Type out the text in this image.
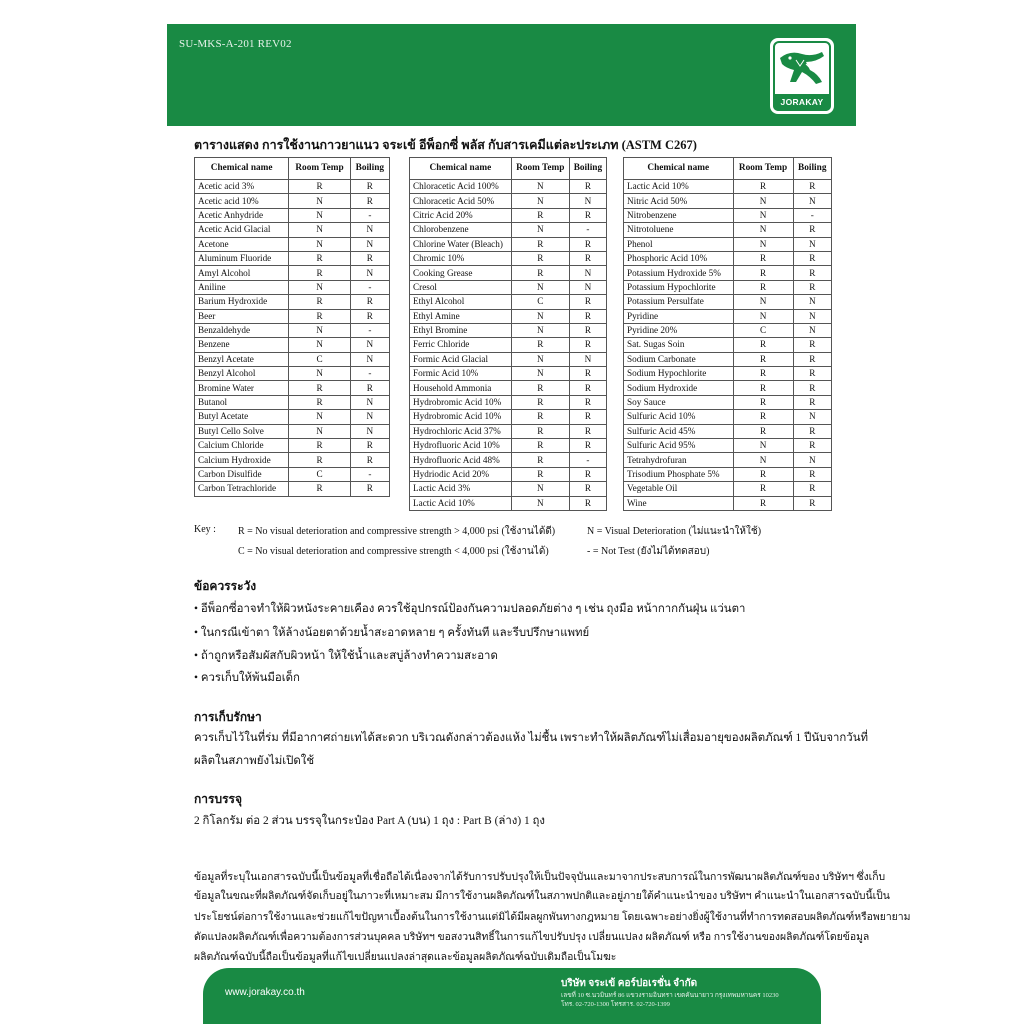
SU-MKS-A-201 REV02
JORAKAY
ตารางแสดง การใช้งานกาวยาแนว จระเข้ อีพ็อกซี่ พลัส กับสารเคมีแต่ละประเภท (ASTM C267)
Chemical name	Room Temp	Boiling
Acetic acid 3%	R	R
Acetic acid 10%	N	R
Acetic Anhydride	N	-
Acetic Acid Glacial	N	N
Acetone	N	N
Aluminum Fluoride	R	R
Amyl Alcohol	R	N
Aniline	N	-
Barium Hydroxide	R	R
Beer	R	R
Benzaldehyde	N	-
Benzene	N	N
Benzyl Acetate	C	N
Benzyl Alcohol	N	-
Bromine Water	R	R
Butanol	R	N
Butyl Acetate	N	N
Butyl Cello Solve	N	N
Calcium Chloride	R	R
Calcium Hydroxide	R	R
Carbon Disulfide	C	-
Carbon Tetrachloride	R	R
Chemical name	Room Temp	Boiling
Chloracetic Acid 100%	N	R
Chloracetic Acid 50%	N	N
Citric Acid 20%	R	R
Chlorobenzene	N	-
Chlorine Water (Bleach)	R	R
Chromic 10%	R	R
Cooking Grease	R	N
Cresol	N	N
Ethyl Alcohol	C	R
Ethyl Amine	N	R
Ethyl Bromine	N	R
Ferric Chloride	R	R
Formic Acid Glacial	N	N
Formic Acid 10%	N	R
Household Ammonia	R	R
Hydrobromic Acid 10%	R	R
Hydrobromic Acid 10%	R	R
Hydrochloric Acid 37%	R	R
Hydrofluoric Acid 10%	R	R
Hydrofluoric Acid 48%	R	-
Hydriodic Acid 20%	R	R
Lactic Acid 3%	N	R
Lactic Acid 10%	N	R
Chemical name	Room Temp	Boiling
Lactic Acid 10%	R	R
Nitric Acid 50%	N	N
Nitrobenzene	N	-
Nitrotoluene	N	R
Phenol	N	N
Phosphoric Acid 10%	R	R
Potassium Hydroxide 5%	R	R
Potassium Hypochlorite	R	R
Potassium Persulfate	N	N
Pyridine	N	N
Pyridine 20%	C	N
Sat. Sugas Soin	R	R
Sodium Carbonate	R	R
Sodium Hypochlorite	R	R
Sodium Hydroxide	R	R
Soy Sauce	R	R
Sulfuric Acid 10%	R	N
Sulfuric Acid 45%	R	R
Sulfuric Acid 95%	N	R
Tetrahydrofuran	N	N
Trisodium Phosphate 5%	R	R
Vegetable Oil	R	R
Wine	R	R
Key : R = No visual deterioration and compressive strength > 4,000 psi (ใช้งานได้ดี)	N = Visual Deterioration (ไม่แนะนำให้ใช้)
C = No visual deterioration and compressive strength < 4,000 psi (ใช้งานได้)	- = Not Test (ยังไม่ได้ทดสอบ)
ข้อควรระวัง
• อีพ็อกซี่อาจทำให้ผิวหนังระคายเคือง ควรใช้อุปกรณ์ป้องกันความปลอดภัยต่าง ๆ เช่น ถุงมือ หน้ากากกันฝุ่น แว่นตา
• ในกรณีเข้าตา ให้ล้างน้อยตาด้วยน้ำสะอาดหลาย ๆ ครั้งทันที และรีบปรึกษาแพทย์
• ถ้าถูกหรือสัมผัสกับผิวหน้า ให้ใช้น้ำและสบู่ล้างทำความสะอาด
• ควรเก็บให้พ้นมือเด็ก
การเก็บรักษา
ควรเก็บไว้ในที่ร่ม ที่มีอากาศถ่ายเทได้สะดวก บริเวณดังกล่าวต้องแห้ง ไม่ชื้น เพราะทำให้ผลิตภัณฑ์ไม่เสื่อมอายุของผลิตภัณฑ์ 1 ปีนับจากวันที่
ผลิตในสภาพยังไม่เปิดใช้
การบรรจุ
2 กิโลกรัม ต่อ 2 ส่วน บรรจุในกระป๋อง Part A (บน) 1 ถุง : Part B (ล่าง) 1 ถุง
ข้อมูลที่ระบุในเอกสารฉบับนี้เป็นข้อมูลที่เชื่อถือได้เนื่องจากได้รับการปรับปรุงให้เป็นปัจจุบันและมาจากประสบการณ์ในการพัฒนาผลิตภัณฑ์ของ บริษัทฯ ซึ่งเก็บ
ข้อมูลในขณะที่ผลิตภัณฑ์จัดเก็บอยู่ในภาวะที่เหมาะสม มีการใช้งานผลิตภัณฑ์ในสภาพปกติและอยู่ภายใต้คำแนะนำของ บริษัทฯ คำแนะนำในเอกสารฉบับนี้เป็น
ประโยชน์ต่อการใช้งานและช่วยแก้ไขปัญหาเบื้องต้นในการใช้งานแต่มิได้มีผลผูกพันทางกฎหมาย โดยเฉพาะอย่างยิ่งผู้ใช้งานที่ทำการทดสอบผลิตภัณฑ์หรือพยายาม
ดัดแปลงผลิตภัณฑ์เพื่อความต้องการส่วนบุคคล บริษัทฯ ขอสงวนสิทธิ์ในการแก้ไขปรับปรุง เปลี่ยนแปลง ผลิตภัณฑ์ หรือ การใช้งานของผลิตภัณฑ์โดยข้อมูล
ผลิตภัณฑ์ฉบับนี้ถือเป็นข้อมูลที่แก้ไขเปลี่ยนแปลงล่าสุดและข้อมูลผลิตภัณฑ์ฉบับเดิมถือเป็นโมฆะ
www.jorakay.co.th
บริษัท จระเข้ คอร์ปอเรชั่น จำกัด
เลขที่ 10 ซ.นวมินทร์ 86 แขวงรามอินทรา เขตคันนายาว กรุงเทพมหานคร 10230
โทร. 02-720-1300 โทรสาร. 02-720-1399
